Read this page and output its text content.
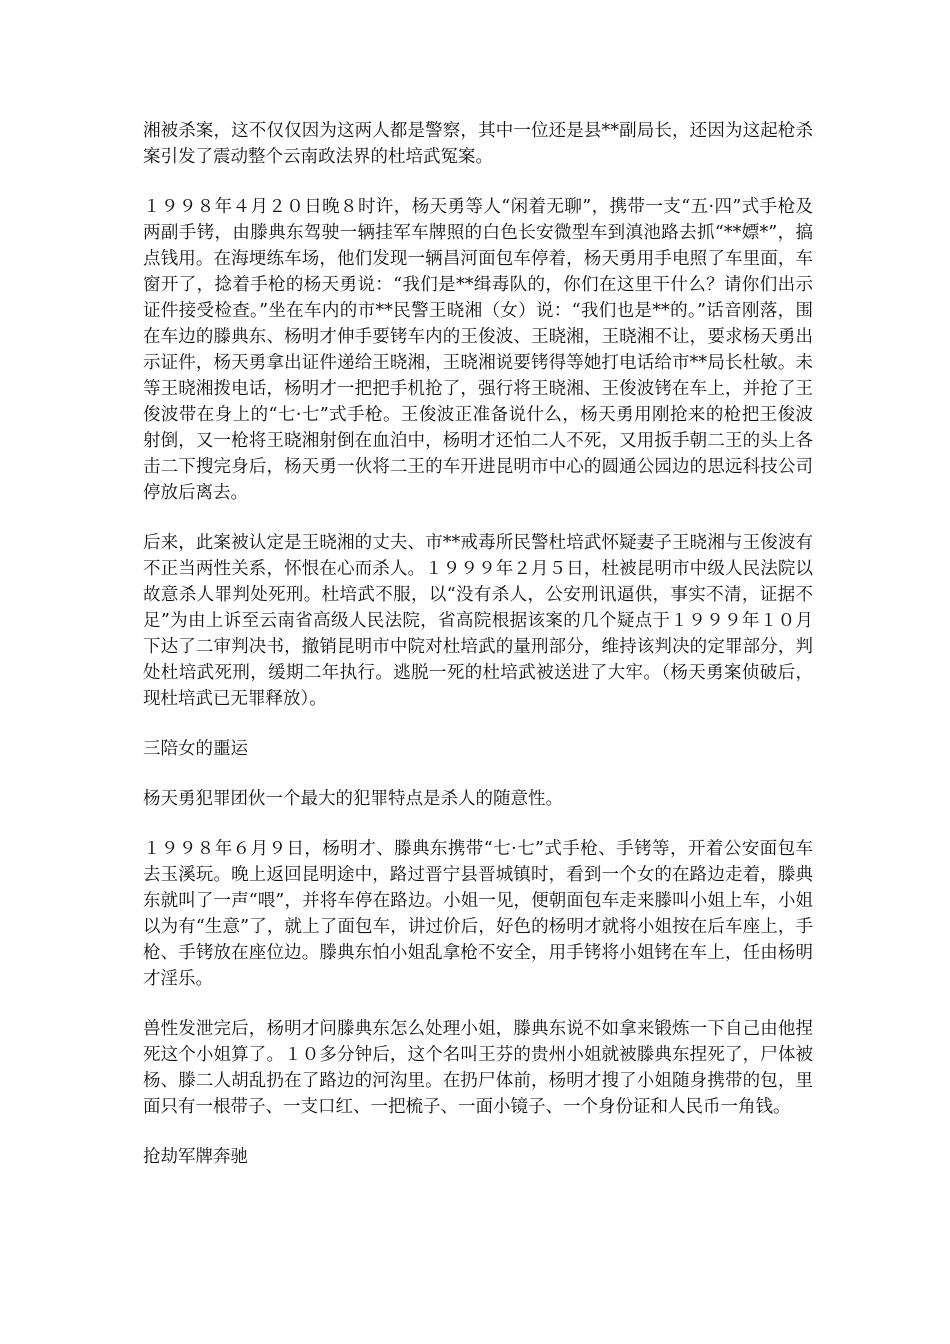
湘被杀案，这不仅仅因为这两人都是警察，其中一位还是县**副局长，还因为这起枪杀案引发了震动整个云南政法界的杜培武冤案。

１９９８年４月２０日晚８时许，杨天勇等人“闲着无聊”，携带一支“五·四”式手枪及两副手铐，由滕典东驾驶一辆挂军车牌照的白色长安微型车到滇池路去抓“**嫖*”，搞点钱用。在海埂练车场，他们发现一辆昌河面包车停着，杨天勇用手电照了车里面，车窗开了，捻着手枪的杨天勇说：“我们是**缉毒队的，你们在这里干什么？请你们出示证件接受检查。”坐在车内的市**民警王晓湘（女）说：“我们也是**的。”话音刚落，围在车边的滕典东、杨明才伸手要铐车内的王俊波、王晓湘，王晓湘不让，要求杨天勇出示证件，杨天勇拿出证件递给王晓湘，王晓湘说要铐得等她打电话给市**局长杜敏。未等王晓湘拨电话，杨明才一把把手机抢了，强行将王晓湘、王俊波铐在车上，并抢了王俊波带在身上的“七·七”式手枪。王俊波正准备说什么，杨天勇用刚抢来的枪把王俊波射倒，又一枪将王晓湘射倒在血泊中，杨明才还怕二人不死，又用扳手朝二王的头上各击二下搜完身后，杨天勇一伙将二王的车开进昆明市中心的圆通公园边的思远科技公司停放后离去。

后来，此案被认定是王晓湘的丈夫、市**戒毒所民警杜培武怀疑妻子王晓湘与王俊波有不正当两性关系，怀恨在心而杀人。１９９９年２月５日，杜被昆明市中级人民法院以故意杀人罪判处死刑。杜培武不服，以“没有杀人，公安刑讯逼供，事实不清，证据不足”为由上诉至云南省高级人民法院，省高院根据该案的几个疑点于１９９９年１０月下达了二审判决书，撤销昆明市中院对杜培武的量刑部分，维持该判决的定罪部分，判处杜培武死刑，缓期二年执行。逃脱一死的杜培武被送进了大牢。（杨天勇案侦破后，现杜培武已无罪释放）。

三陪女的噩运

杨天勇犯罪团伙一个最大的犯罪特点是杀人的随意性。

１９９８年６月９日，杨明才、滕典东携带“七·七”式手枪、手铐等，开着公安面包车去玉溪玩。晚上返回昆明途中，路过晋宁县晋城镇时，看到一个女的在路边走着，滕典东就叫了一声“喂”，并将车停在路边。小姐一见，便朝面包车走来滕叫小姐上车，小姐以为有“生意”了，就上了面包车，讲过价后，好色的杨明才就将小姐按在后车座上，手枪、手铐放在座位边。滕典东怕小姐乱拿枪不安全，用手铐将小姐铐在车上，任由杨明才淫乐。

兽性发泄完后，杨明才问滕典东怎么处理小姐，滕典东说不如拿来锻炼一下自己由他捏死这个小姐算了。１０多分钟后，这个名叫王芬的贵州小姐就被滕典东捏死了，尸体被杨、滕二人胡乱扔在了路边的河沟里。在扔尸体前，杨明才搜了小姐随身携带的包，里面只有一根带子、一支口红、一把梳子、一面小镜子、一个身份证和人民币一角钱。

抢劫军牌奔驰
